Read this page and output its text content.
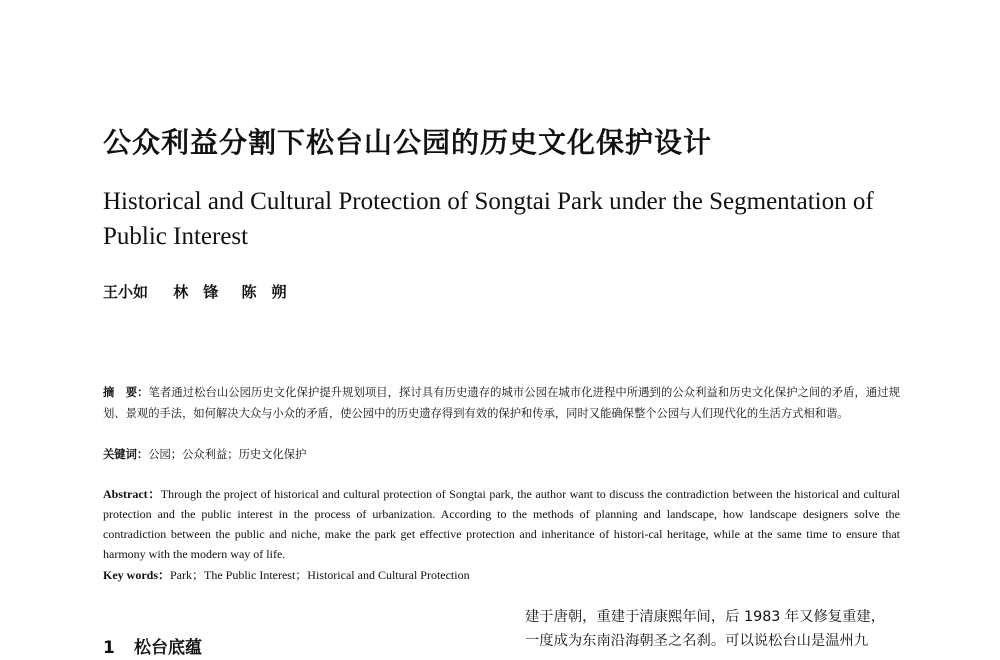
公众利益分割下松台山公园的历史文化保护设计
Historical and Cultural Protection of Songtai Park under the Segmentation of Public Interest
王小如 林　锋 陈　朔
摘　要：笔者通过松台山公园历史文化保护提升规划项目，探讨具有历史遗存的城市公园在城市化进程中所遇到的公众利益和历史文化保护之间的矛盾，通过规划、景观的手法，如何解决大众与小众的矛盾，使公园中的历史遗存得到有效的保护和传承，同时又能确保整个公园与人们现代化的生活方式相和谐。
关键词：公园；公众利益；历史文化保护
Abstract：Through the project of historical and cultural protection of Songtai park, the author want to discuss the contradiction between the historical and cultural protection and the public interest in the process of urbanization. According to the methods of planning and landscape, how landscape designers solve the contradiction between the public and niche, make the park get effective protection and inheritance of histori-cal heritage, while at the same time to ensure that harmony with the modern way of life.
Key words：Park；The Public Interest；Historical and Cultural Protection
1 松台底蕴
建于唐朝，重建于清康熙年间，后 1983 年又修复重建，
一度成为东南沿海朝圣之名刹。可以说松台山是温州九
